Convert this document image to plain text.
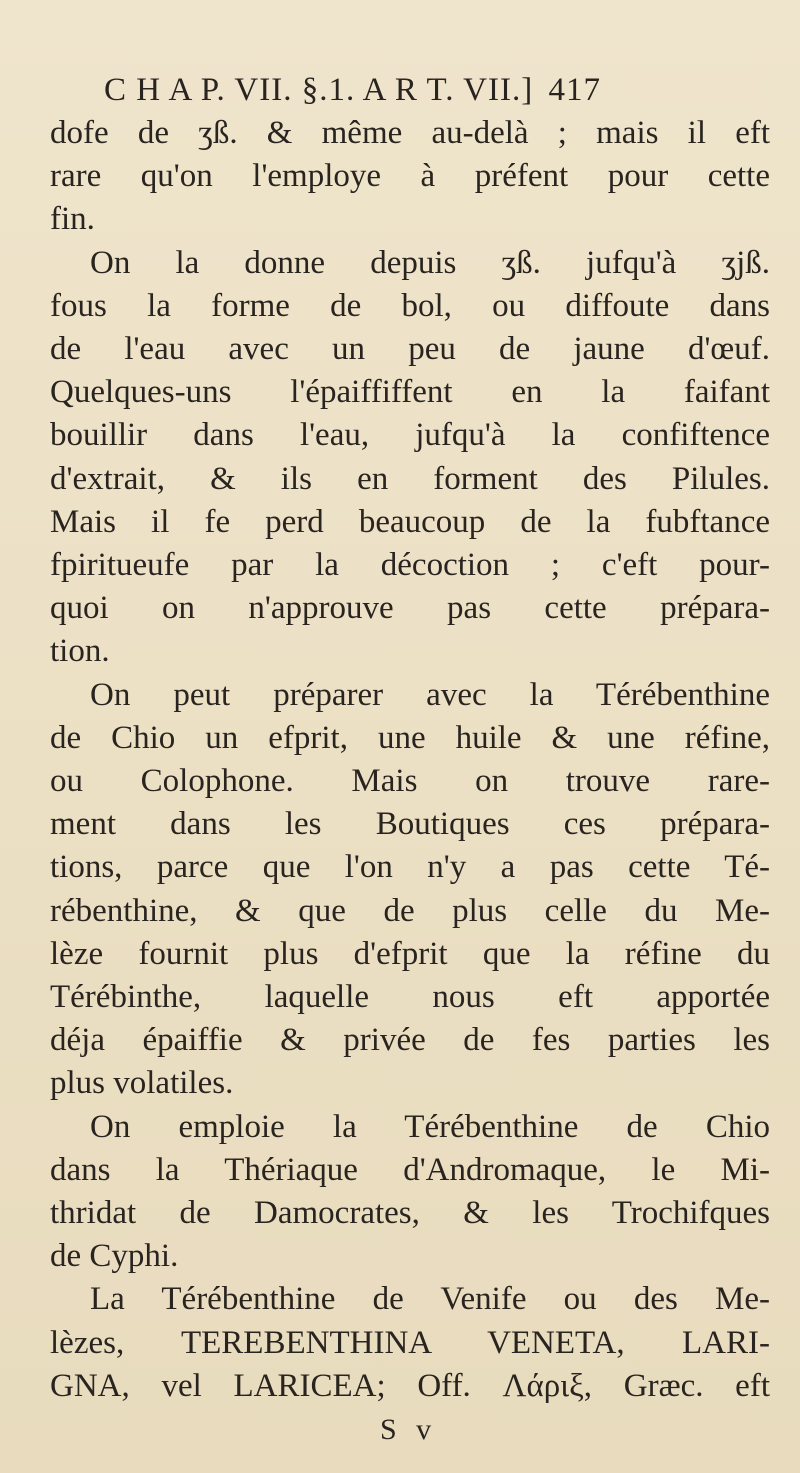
C H A P. VII. §.1. A R T. VII.] 417
dofe de ʒß. & même au-delà ; mais il eft
rare qu'on l'employe à préfent pour cette
fin.
On la donne depuis ʒß. jufqu'à ʒjß.
fous la forme de bol, ou diffoute dans
de l'eau avec un peu de jaune d'œuf.
Quelques-uns l'épaiffiffent en la faifant
bouillir dans l'eau, jufqu'à la confiftence
d'extrait, & ils en forment des Pilules.
Mais il fe perd beaucoup de la fubftance
fpiritueufe par la décoction ; c'eft pour-
quoi on n'approuve pas cette prépara-
tion.
On peut préparer avec la Térébenthine
de Chio un efprit, une huile & une réfine,
ou Colophone. Mais on trouve rare-
ment dans les Boutiques ces prépara-
tions, parce que l'on n'y a pas cette Té-
rébenthine, & que de plus celle du Me-
lèze fournit plus d'efprit que la réfine du
Térébinthe, laquelle nous eft apportée
déja épaiffie & privée de fes parties les
plus volatiles.
On emploie la Térébenthine de Chio
dans la Thériaque d'Andromaque, le Mi-
thridat de Damocrates, & les Trochifques
de Cyphi.
La Térébenthine de Venife ou des Me-
lèzes, TEREBENTHINA VENETA, LARI-
GNA, vel LARICEA; Off. Λάριξ, Græc. eft
S v
